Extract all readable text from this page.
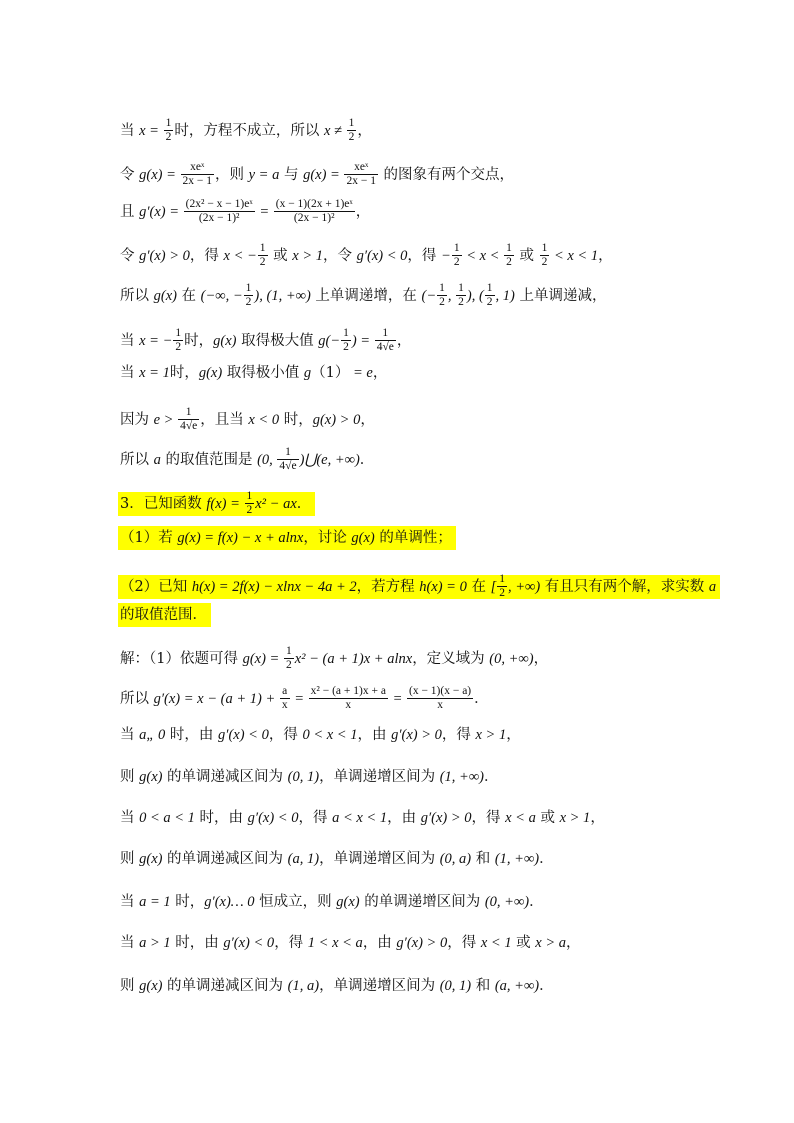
当 $x = \frac{1}{2}$ 时，方程不成立，所以 $x \ne \frac{1}{2}$ ，
令 $g(x) = \frac{\text{xeˣ}}{2x - 1}$ ，则 y = a 与 $g(x) = \frac{\text{xeˣ}}{2x - 1}$ 的图象有两个交点，
且 $g'(x) = \frac{\text{(2x² − x − 1)eˣ}}{\text{(2x − 1)²}} = \frac{\text{(x − 1)(2x + 1)eˣ}}{\text{(2x − 1)²}}$ ，
令 g′(x) > 0，得 x < − $\frac{1}{2}$ 或 x > 1，令 g′(x) < 0，得 − $\frac{1}{2} < x < \frac{1}{2}$ 或 $\frac{1}{2} < x < 1$，
所以 g(x) 在 (−∞, − $\frac{1}{2}$ ), (1, +∞) 上单调递增，在 (− $\frac{1}{2}$ , $\frac{1}{2}$ ), ( $\frac{1}{2}$ , 1) 上单调递减，
当 x = − $\frac{1}{2}$ 时，g(x) 取得极大值 $g(- \frac{1}{2}$ ) = $\frac{1}{4√e}$ ，
当 x = 1时，g(x) 取得极小值 g（1） = e，
因为 $e > \frac{1}{4√e}$ ，且当 x < 0 时，g(x) > 0，
所以 a 的取值范围是 (0, $\frac{1}{4√e}$ )⋃(e, +∞)．
3．已知函数 $f(x) = \frac{1}{2} x^2$ − ax．
（1）若 g(x) = f(x) − x + alnx，讨论 g(x) 的单调性；
（2）已知 h(x) = 2f(x) − xlnx − 4a + 2，若方程 h(x) = 0 在 [ $\frac{1}{2}$ , +∞) 有且只有两个解，求实数 a
的取值范围．
解：（1）依题可得 $g(x) = \frac{1}{2} x^2 - (a + 1)x + alnx$，定义域为 (0, +∞)，
所以 $g'(x) = x - (a + 1) + \frac{a}{x} = \frac{\text{x² − (a + 1)x + a}}{x} = \frac{(x - 1)(x - a)}{x}$ ．
当 a„ 0 时，由 g′(x) < 0，得 0 < x < 1，由 g′(x) > 0，得 x > 1，
则 g(x) 的单调递减区间为 (0, 1)，单调递增区间为 (1, +∞)．
当 0 < a < 1 时，由 g′(x) < 0，得 a < x < 1，由 g′(x) > 0，得 x < a 或 x > 1，
则 g(x) 的单调递减区间为 (a, 1)，单调递增区间为 (0, a) 和 (1, +∞)．
当 a = 1 时，g′(x)… 0 恒成立，则 g(x) 的单调递增区间为 (0, +∞)．
当 a > 1 时，由 g′(x) < 0，得 1 < x < a，由 g′(x) > 0，得 x < 1 或 x > a，
则 g(x) 的单调递减区间为 (1, a)，单调递增区间为 (0, 1) 和 (a, +∞)．
